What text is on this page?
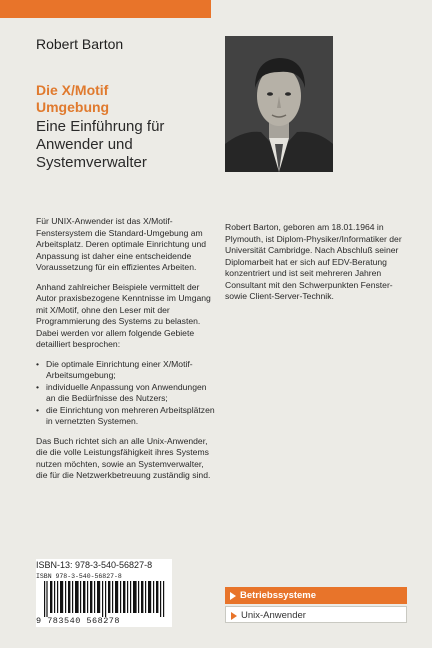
Robert Barton
Die X/Motif
Umgebung
Eine Einführung für
Anwender und
Systemverwalter

Für UNIX-Anwender ist das X/Motif-Fenstersystem die Standard-Umgebung am Arbeitsplatz. Deren optimale Einrichtung und Anpassung ist daher eine entscheidende Voraussetzung für ein effizientes Arbeiten.

Anhand zahlreicher Beispiele vermittelt der Autor praxisbezogene Kenntnisse im Umgang mit X/Motif, ohne den Leser mit der Programmierung des Systems zu belasten. Dabei werden vor allem folgende Gebiete detailliert besprochen:

• Die optimale Einrichtung einer X/Motif-Arbeitsumgebung;
• individuelle Anpassung von Anwendungen an die Bedürfnisse des Nutzers;
• die Einrichtung von mehreren Arbeitsplätzen in vernetzten Systemen.

Das Buch richtet sich an alle Unix-Anwender, die die volle Leistungsfähigkeit ihres Systems nutzen möchten, sowie an Systemverwalter, die für die Netzwerkbetreuung zuständig sind.

Robert Barton, geboren am 18.01.1964 in Plymouth, ist Diplom-Physiker/Informatiker der Universität Cambridge. Nach Abschluß seiner Diplomarbeit hat er sich auf EDV-Beratung konzentriert und ist seit mehreren Jahren Consultant mit den Schwerpunkten Fenster- sowie Client-Server-Technik.
ISBN-13: 978-3-540-56827-8
ISBN 978-3-540-56827-8
9 783540 568278
Betriebssysteme
Unix-Anwender
